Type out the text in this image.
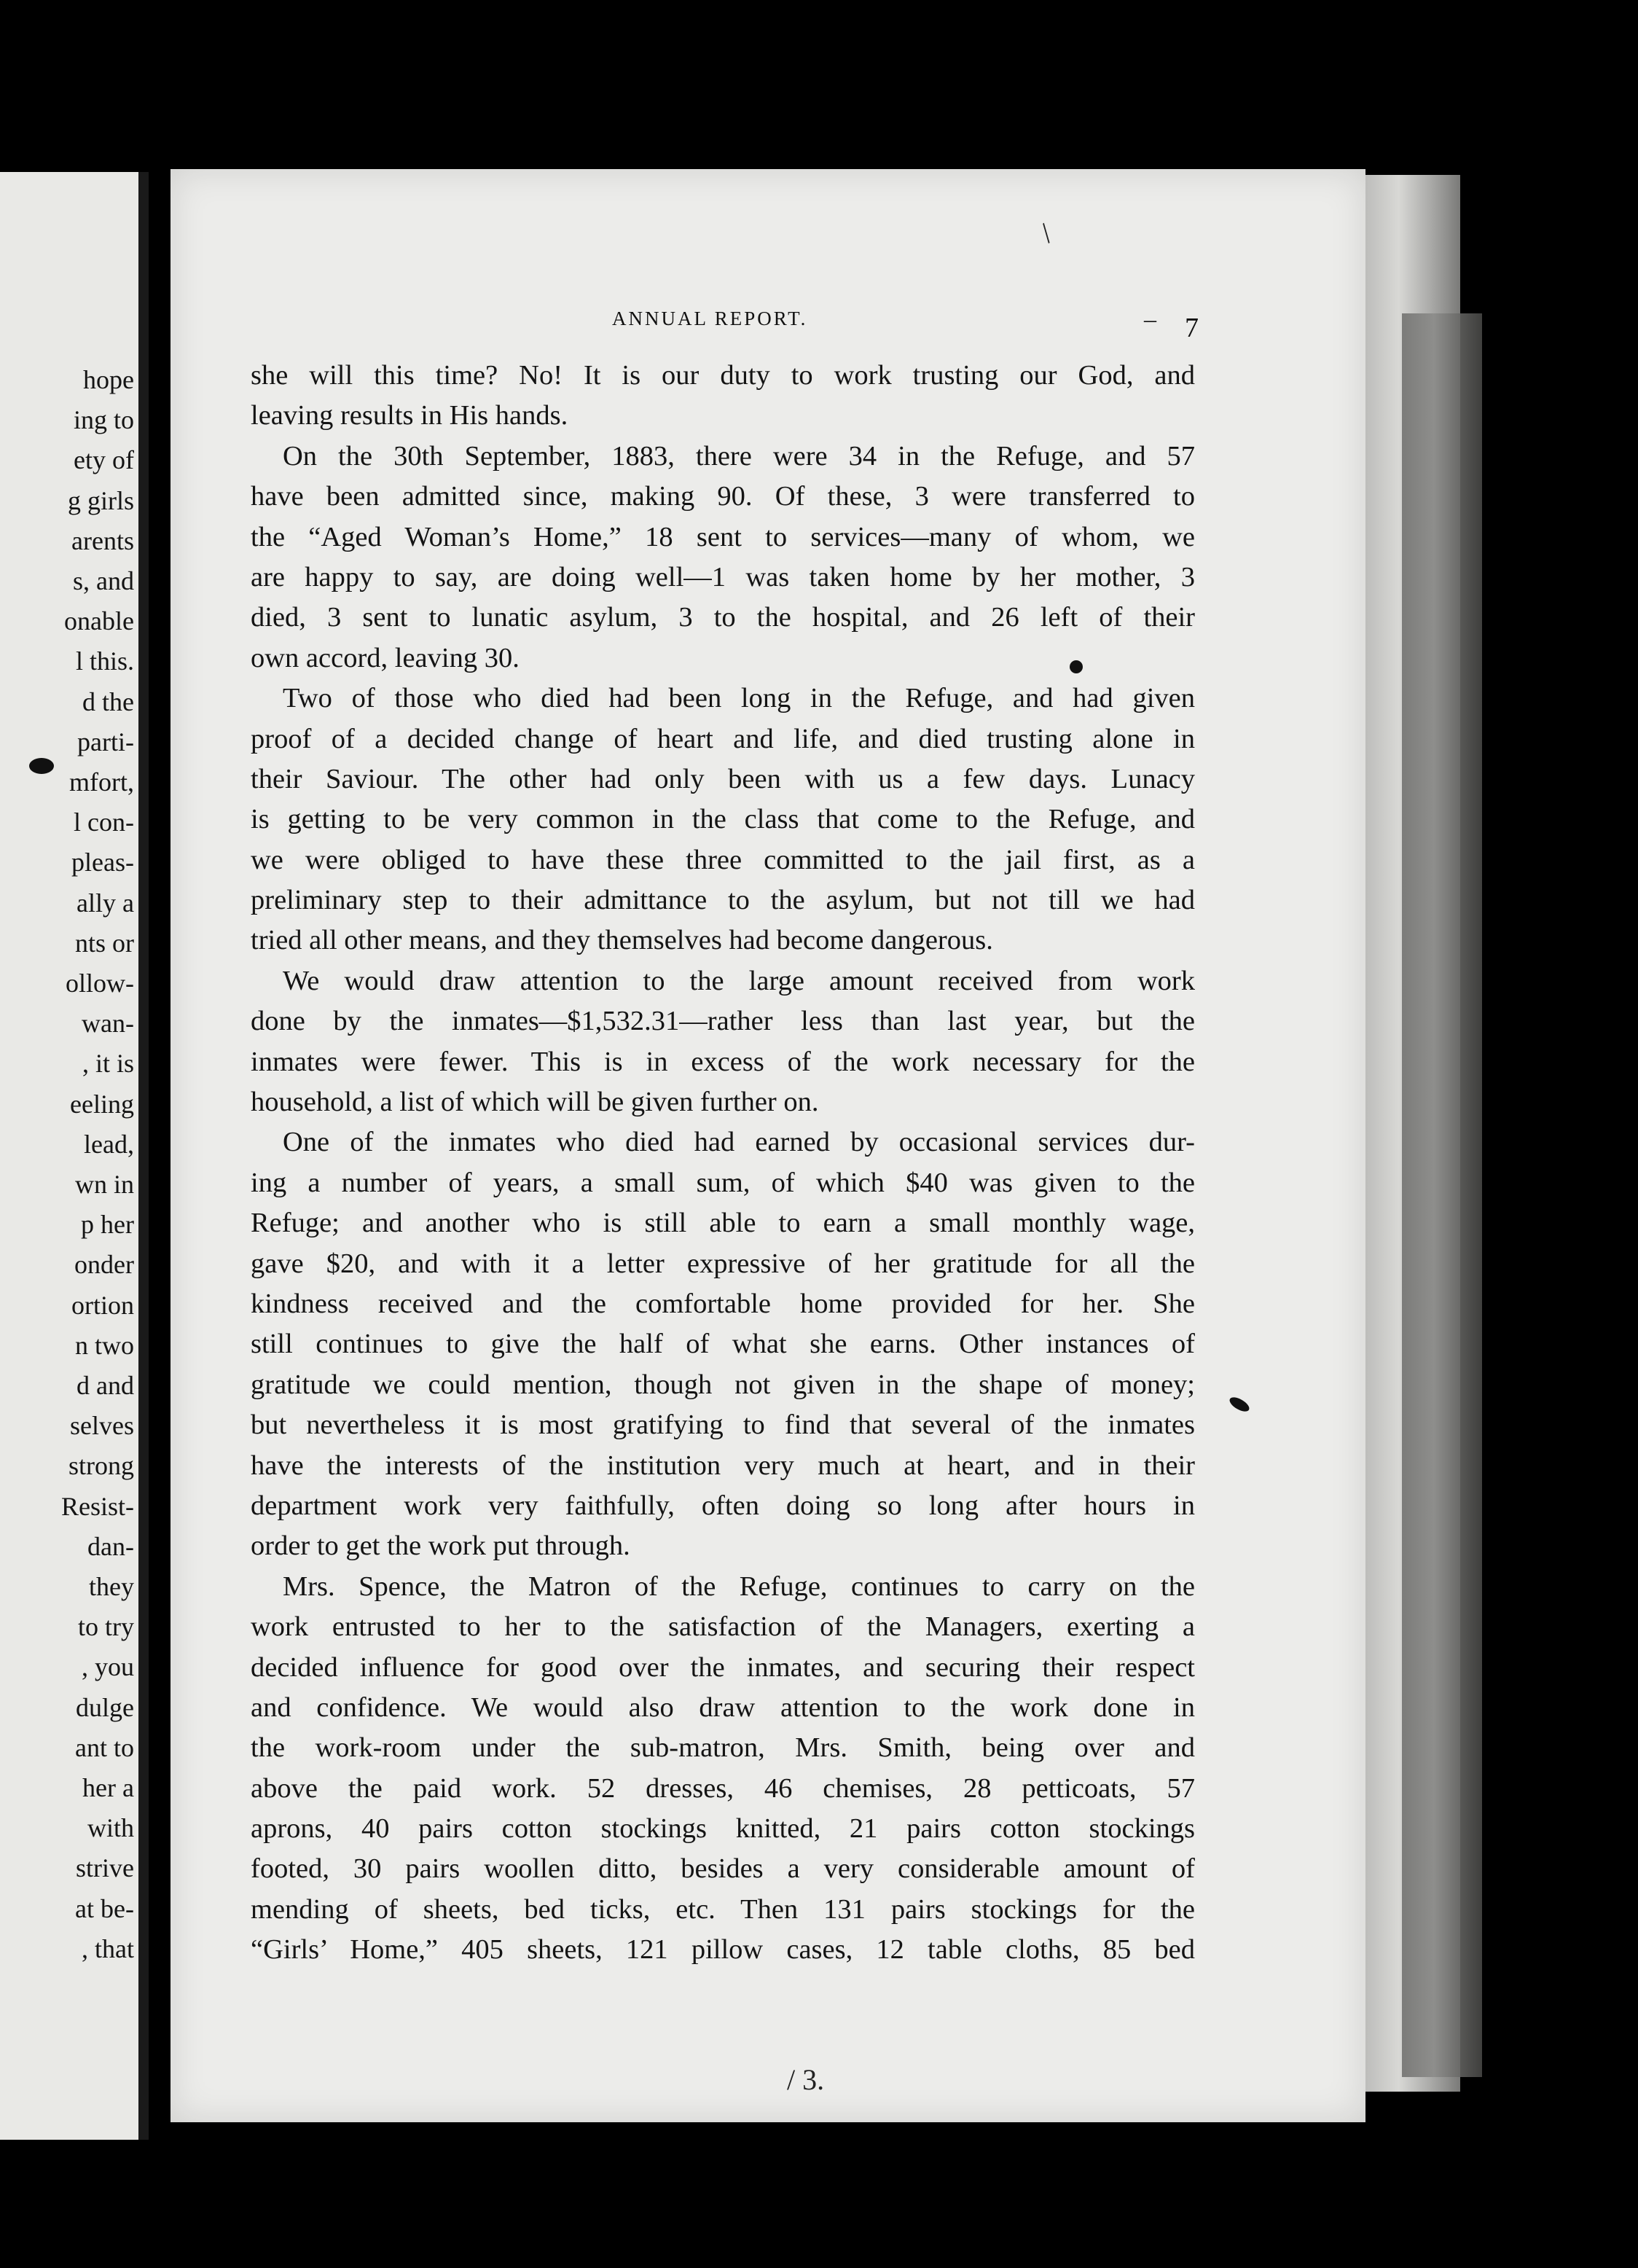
hope
ing to
ety of
g girls
arents
s, and
onable
l this.
d the
parti-
mfort,
l con-
pleas-
ally a
nts or
ollow-
wan-
, it is
eeling
lead,
wn in
p her
onder
ortion
n two
d and
selves
strong
Resist-
dan-
they
to try
, you
dulge
ant to
her a
with
strive
at be-
, that
ANNUAL REPORT.	– 7
she will this time? No! It is our duty to work trusting our God, and
leaving results in His hands.
On the 30th September, 1883, there were 34 in the Refuge, and 57
have been admitted since, making 90. Of these, 3 were transferred to
the “Aged Woman’s Home,” 18 sent to services—many of whom, we
are happy to say, are doing well—1 was taken home by her mother, 3
died, 3 sent to lunatic asylum, 3 to the hospital, and 26 left of their
own accord, leaving 30.
Two of those who died had been long in the Refuge, and had given
proof of a decided change of heart and life, and died trusting alone in
their Saviour. The other had only been with us a few days. Lunacy
is getting to be very common in the class that come to the Refuge, and
we were obliged to have these three committed to the jail first, as a
preliminary step to their admittance to the asylum, but not till we had
tried all other means, and they themselves had become dangerous.
We would draw attention to the large amount received from work
done by the inmates—$1,532.31—rather less than last year, but the
inmates were fewer. This is in excess of the work necessary for the
household, a list of which will be given further on.
One of the inmates who died had earned by occasional services dur-
ing a number of years, a small sum, of which $40 was given to the
Refuge; and another who is still able to earn a small monthly wage,
gave $20, and with it a letter expressive of her gratitude for all the
kindness received and the comfortable home provided for her. She
still continues to give the half of what she earns. Other instances of
gratitude we could mention, though not given in the shape of money;
but nevertheless it is most gratifying to find that several of the inmates
have the interests of the institution very much at heart, and in their
department work very faithfully, often doing so long after hours in
order to get the work put through.
Mrs. Spence, the Matron of the Refuge, continues to carry on the
work entrusted to her to the satisfaction of the Managers, exerting a
decided influence for good over the inmates, and securing their respect
and confidence. We would also draw attention to the work done in
the work-room under the sub-matron, Mrs. Smith, being over and
above the paid work. 52 dresses, 46 chemises, 28 petticoats, 57
aprons, 40 pairs cotton stockings knitted, 21 pairs cotton stockings
footed, 30 pairs woollen ditto, besides a very considerable amount of
mending of sheets, bed ticks, etc. Then 131 pairs stockings for the
“Girls’ Home,” 405 sheets, 121 pillow cases, 12 table cloths, 85 bed
/
/ 3.
